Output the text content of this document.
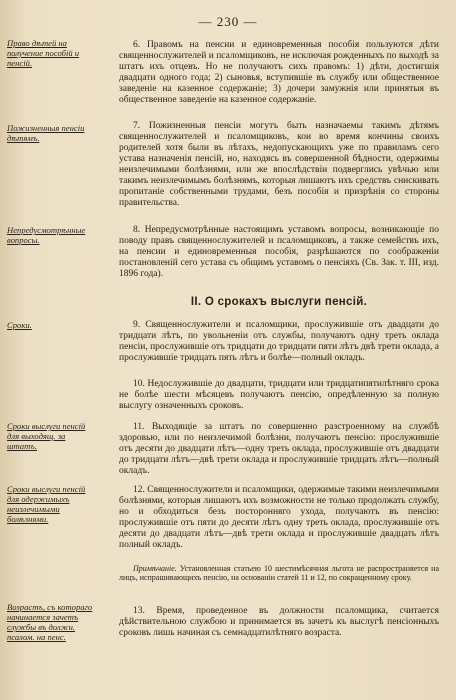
— 230 —
Право дѣтей на получение пособій и пенсій.
6. Правомъ на пенсии и единовременныя пособія пользуются дѣти священнослужителей и псаломщиковъ, не исключая рожденныхъ по выходѣ за штатъ ихъ отцевъ. Но не получаютъ сихъ правомъ: 1) дѣти, достигшія двадцати одного года; 2) сыновья, вступившіе въ службу или общественное заведеніе на казенное содержаніе; 3) дочери замужнія или принятыя въ общественное заведеніе на казенное содержаніе.
Пожизненныя пенсіи дѣтямъ.
7. Пожизненныя пенсіи могутъ быть назначаемы такимъ дѣтямъ священнослужителей и псаломщиковъ, кои во время кончины своихъ родителей хотя были въ лѣтахъ, недопускающихъ уже по правиламъ сего устава назначенія пенсій, но, находясь въ совершенной бѣдности, одержимы неизлечимыми болѣзнями, или же впослѣдствіи подверглись увѣчью или такимъ неизлечимымъ болѣзнямъ, которыя лишаютъ ихъ средствъ снискивать пропитаніе собственными трудами, безъ пособія и призрѣнія со стороны правительства.
Непредусмотрѣнные вопросы.
8. Непредусмотрѣнные настоящимъ уставомъ вопросы, возникающіе по поводу правъ священнослужителей и псаломщиковъ, а также семействъ ихъ, на пенсии и единовременныя пособія, разрѣшаются по соображеніи постановленій сего устава съ общимъ уставомъ о пенсіяхъ (Св. Зак. т. III, изд. 1896 года).
II. О срокахъ выслуги пенсій.
Сроки.	9. Священнослужители и псаломщики, прослужившіе отъ двадцати до тридцати лѣтъ, по увольненіи отъ службы, получаютъ одну треть оклада пенсіи, прослужившіе отъ тридцати до тридцати пяти лѣтъ двѣ трети оклада, а прослужившіе тридцать пять лѣтъ и болѣе—полный окладъ.
10. Недослужившіе до двадцати, тридцати или тридцатипятилѣтняго срока не болѣе шести мѣсяцевъ получаютъ пенсію, опредѣленную за полную выслугу означенныхъ сроковъ.
Сроки выслуги пенсій для выходящ. за штатъ.
11. Выходящіе за штатъ по совершенно разстроенному на службѣ здоровью, или по неизлечимой болѣзни, получаютъ пенсію: прослужившіе отъ десяти до двадцати лѣтъ—одну треть оклада, прослужившіе отъ двадцати до тридцати лѣтъ—двѣ трети оклада и прослужившіе тридцать лѣтъ—полный окладъ.
Сроки выслуги пенсій для одержимыхъ неизлечимыми болѣзнями.
12. Священнослужители и псаломщики, одержимые такими неизлечимыми болѣзнями, которыя лишаютъ ихъ возможности не только продолжать службу, но и обходиться безъ посторонняго ухода, получаютъ въ пенсію: прослужившіе отъ пяти до десяти лѣтъ одну треть оклада, прослужившіе отъ десяти до двадцати лѣтъ—двѣ трети оклада и прослужившіе двадцать лѣтъ полный окладъ.
Примѣчаніе. Установленная статьею 10 шестимѣсячная льгота не распространяется на лицъ, испрашивающихъ пенсію, на основаніи статей 11 и 12, по сокращенному сроку.
Возрастъ, съ котораго начинается зачетъ службы въ должн. псалом. на пенс.
13. Время, проведенное въ должности псаломщика, считается дѣйствительною службою и принимается въ зачетъ къ выслугѣ пенсіонныхъ сроковъ лишь начиная съ семнадцатилѣтняго возраста.
